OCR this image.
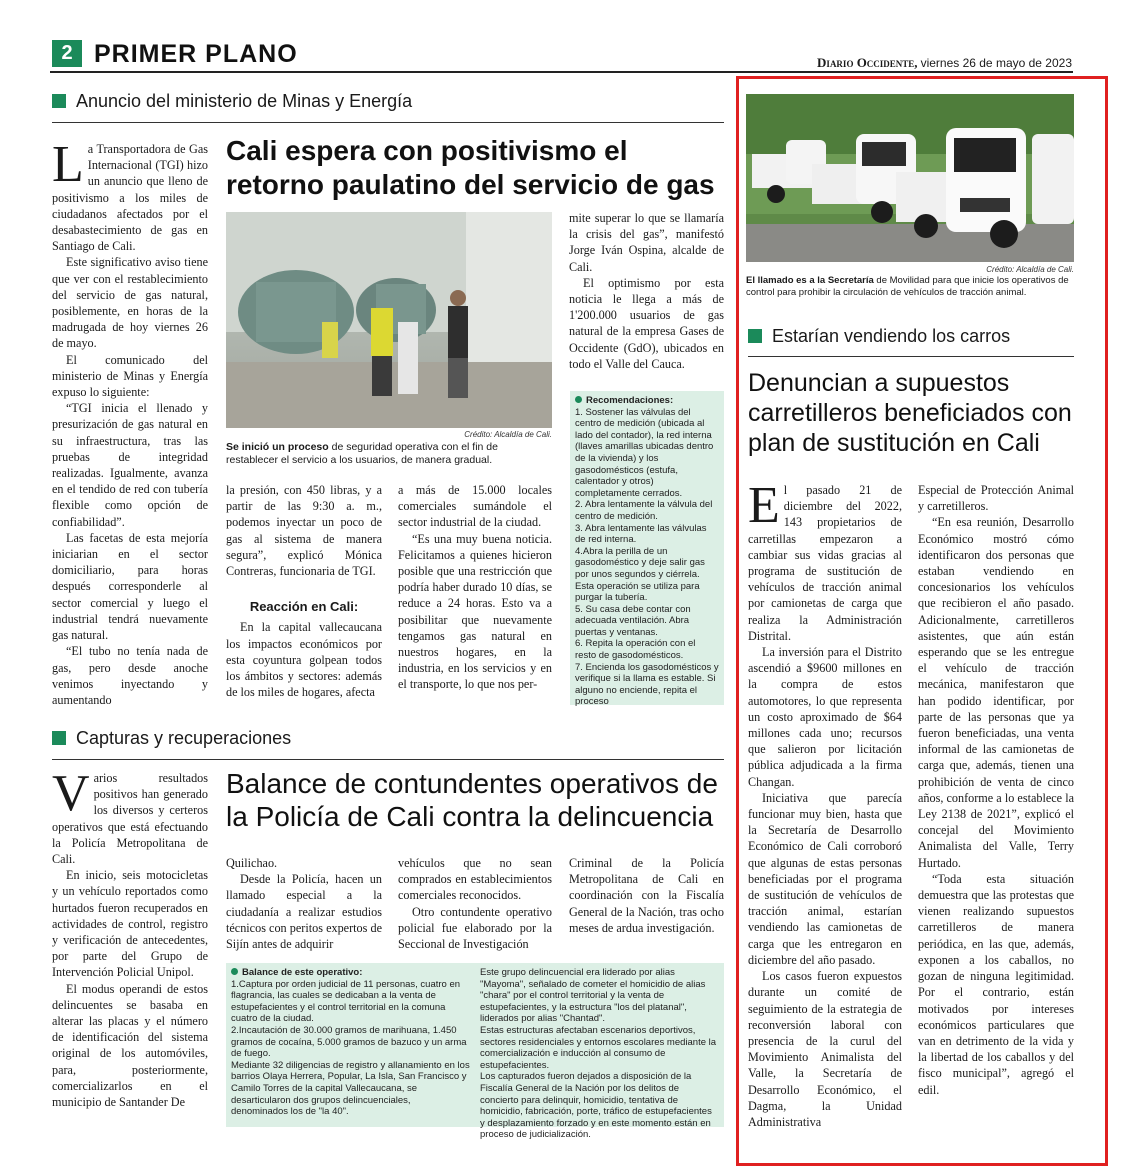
2 PRIMER PLANO	Diario Occidente, viernes 26 de mayo de 2023
Anuncio del ministerio de Minas y Energía

La Transportadora de Gas Internacional (TGI) hizo un anuncio que lleno de positivismo a los miles de ciudadanos afectados por el desabastecimiento de gas en Santiago de Cali.

Este significativo aviso tiene que ver con el restablecimiento del servicio de gas natural, posiblemente, en horas de la madrugada de hoy viernes 26 de mayo.

El comunicado del ministerio de Minas y Energía expuso lo siguiente:

“TGI inicia el llenado y presurización de gas natural en su infraestructura, tras las pruebas de integridad realizadas. Igualmente, avanza en el tendido de red con tubería flexible como opción de confiabilidad”.

Las facetas de esta mejoría iniciarian en el sector domiciliario, para horas después corresponderle al sector comercial y luego el industrial tendrá nuevamente gas natural.

“El tubo no tenía nada de gas, pero desde anoche venimos inyectando y aumentando

Cali espera con positivismo el retorno paulatino del servicio de gas
Crédito: Alcaldía de Cali.
Se inició un proceso de seguridad operativa con el fin de restablecer el servicio a los usuarios, de manera gradual.

la presión, con 450 libras, y a partir de las 9:30 a. m., podemos inyectar un poco de gas al sistema de manera segura”, explicó Mónica Contreras, funcionaria de TGI.

Reacción en Cali:

En la capital vallecaucana los impactos económicos por esta coyuntura golpean todos los ámbitos y sectores: además de los miles de hogares, afecta

a más de 15.000 locales comerciales sumándole el sector industrial de la ciudad.

“Es una muy buena noticia. Felicitamos a quienes hicieron posible que una restricción que podría haber durado 10 días, se reduce a 24 horas. Esto va a posibilitar que nuevamente tengamos gas natural en nuestros hogares, en la industria, en los servicios y en el transporte, lo que nos per-

mite superar lo que se llamaría la crisis del gas”, manifestó Jorge Iván Ospina, alcalde de Cali.

El optimismo por esta noticia le llega a más de 1'200.000 usuarios de gas natural de la empresa Gases de Occidente (GdO), ubicados en todo el Valle del Cauca.

Recomendaciones:
1. Sostener las válvulas del centro de medición (ubicada al lado del contador), la red interna (llaves amarillas ubicadas dentro de la vivienda) y los gasodomésticos (estufa, calentador y otros) completamente cerrados.
2. Abra lentamente la válvula del centro de medición.
3. Abra lentamente las válvulas de red interna.
4.Abra la perilla de un gasodoméstico y deje salir gas por unos segundos y ciérrela. Esta operación se utiliza para purgar la tubería.
5. Su casa debe contar con adecuada ventilación. Abra puertas y ventanas.
6. Repita la operación con el resto de gasodomésticos.
7. Encienda los gasodomésticos y verifique si la llama es estable. Si alguno no enciende, repita el proceso
Capturas y recuperaciones

Varios resultados positivos han generado los diversos y certeros operativos que está efectuando la Policía Metropolitana de Cali.

En inicio, seis motocicletas y un vehículo reportados como hurtados fueron recuperados en actividades de control, registro y verificación de antecedentes, por parte del Grupo de Intervención Policial Unipol.

El modus operandi de estos delincuentes se basaba en alterar las placas y el número de identificación del sistema original de los automóviles, para, posteriormente, comercializarlos en el municipio de Santander De

Balance de contundentes operativos de la Policía de Cali contra la delincuencia

Quilichao.

Desde la Policía, hacen un llamado especial a la ciudadanía a realizar estudios técnicos con peritos expertos de Sijín antes de adquirir

vehículos que no sean comprados en establecimientos comerciales reconocidos.

Otro contundente operativo policial fue elaborado por la Seccional de Investigación

Criminal de la Policía Metropolitana de Cali en coordinación con la Fiscalía General de la Nación, tras ocho meses de ardua investigación.

Balance de este operativo:
1.Captura por orden judicial de 11 personas, cuatro en flagrancia, las cuales se dedicaban a la venta de estupefacientes y el control territorial en la comuna cuatro de la ciudad.
2.Incautación de 30.000 gramos de marihuana, 1.450 gramos de cocaína, 5.000 gramos de bazuco y un arma de fuego.
Mediante 32 diligencias de registro y allanamiento en los barrios Olaya Herrera, Popular, La Isla, San Francisco y Camilo Torres de la capital Vallecaucana, se desarticularon dos grupos delincuenciales, denominados los de "la 40".
Este grupo delincuencial era liderado por alias "Mayoma", señalado de cometer el homicidio de alias "chara" por el control territorial y la venta de estupefacientes, y la estructura "los del platanal", liderados por alias "Chantad".
Estas estructuras afectaban escenarios deportivos, sectores residenciales y entornos escolares mediante la comercialización e inducción al consumo de estupefacientes.
Los capturados fueron dejados a disposición de la Fiscalía General de la Nación por los delitos de concierto para delinquir, homicidio, tentativa de homicidio, fabricación, porte, tráfico de estupefacientes y desplazamiento forzado y en este momento están en proceso de judicialización.
Crédito: Alcaldía de Cali.
El llamado es a la Secretaría de Movilidad para que inicie los operativos de control para prohibir la circulación de vehículos de tracción animal.
Estarían vendiendo los carros
Denuncian a supuestos carretilleros beneficiados con plan de sustitución en Cali

El pasado 21 de diciembre del 2022, 143 propietarios de carretillas empezaron a cambiar sus vidas gracias al programa de sustitución de vehículos de tracción animal por camionetas de carga que realiza la Administración Distrital.

La inversión para el Distrito ascendió a $9600 millones en la compra de estos automotores, lo que representa un costo aproximado de $64 millones cada uno; recursos que salieron por licitación pública adjudicada a la firma Changan.

Iniciativa que parecía funcionar muy bien, hasta que la Secretaría de Desarrollo Económico de Cali corroboró que algunas de estas personas beneficiadas por el programa de sustitución de vehículos de tracción animal, estarían vendiendo las camionetas de carga que les entregaron en diciembre del año pasado.

Los casos fueron expuestos durante un comité de seguimiento de la estrategia de reconversión laboral con presencia de la curul del Movimiento Animalista del Valle, la Secretaría de Desarrollo Económico, el Dagma, la Unidad Administrativa

Especial de Protección Animal y carretilleros.

“En esa reunión, Desarrollo Económico mostró cómo identificaron dos personas que estaban vendiendo en concesionarios los vehículos que recibieron el año pasado. Adicionalmente, carretilleros asistentes, que aún están esperando que se les entregue el vehículo de tracción mecánica, manifestaron que han podido identificar, por parte de las personas que ya fueron beneficiadas, una venta informal de las camionetas de carga que, además, tienen una prohibición de venta de cinco años, conforme a lo establece la Ley 2138 de 2021”, explicó el concejal del Movimiento Animalista del Valle, Terry Hurtado.

“Toda esta situación demuestra que las protestas que vienen realizando supuestos carretilleros de manera periódica, en las que, además, exponen a los caballos, no gozan de ninguna legitimidad. Por el contrario, están motivados por intereses económicos particulares que van en detrimento de la vida y la libertad de los caballos y del fisco municipal”, agregó el edil.
